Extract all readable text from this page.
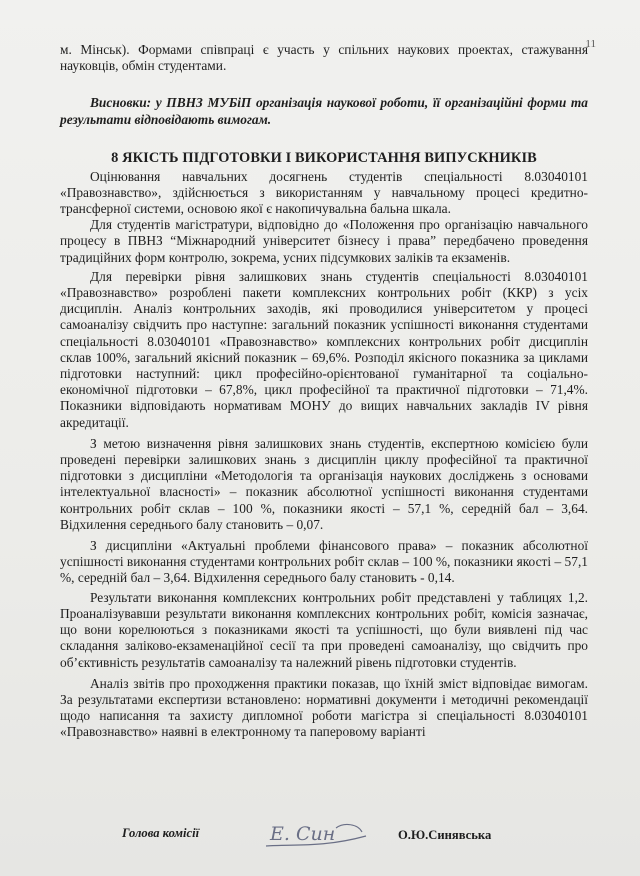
11

м. Мінськ). Формами співпраці є участь у спільних наукових проектах, стажування науковців, обмін студентами.

Висновки: у ПВНЗ МУБіП організація наукової роботи, її організаційні форми та результати відповідають вимогам.

8 ЯКІСТЬ ПІДГОТОВКИ І ВИКОРИСТАННЯ ВИПУСКНИКІВ

Оцінювання навчальних досягнень студентів спеціальності 8.03040101 «Правознавство», здійснюється з використанням у навчальному процесі кредитно-трансферної системи, основою якої є накопичувальна бальна шкала.

Для студентів магістратури, відповідно до «Положення про організацію навчального процесу в ПВНЗ “Міжнародний університет бізнесу і права” передбачено проведення традиційних форм контролю, зокрема, усних підсумкових заліків та екзаменів.

Для перевірки рівня залишкових знань студентів спеціальності 8.03040101 «Правознавство» розроблені пакети комплексних контрольних робіт (ККР) з усіх дисциплін. Аналіз контрольних заходів, які проводилися університетом у процесі самоаналізу свідчить про наступне: загальний показник успішності виконання студентами спеціальності 8.03040101 «Правознавство» комплексних контрольних робіт дисциплін склав 100%, загальний якісний показник – 69,6%. Розподіл якісного показника за циклами підготовки наступний: цикл професійно-орієнтованої гуманітарної та соціально-економічної підготовки – 67,8%, цикл професійної та практичної підготовки – 71,4%. Показники відповідають нормативам МОНУ до вищих навчальних закладів IV рівня акредитації.

З метою визначення рівня залишкових знань студентів, експертною комісією були проведені перевірки залишкових знань з дисциплін циклу професійної та практичної підготовки з дисципліни «Методологія та організація наукових досліджень з основами інтелектуальної власності» – показник абсолютної успішності виконання студентами контрольних робіт склав – 100 %, показники якості – 57,1 %, середній бал – 3,64. Відхилення середнього балу становить – 0,07.

З дисципліни «Актуальні проблеми фінансового права» – показник абсолютної успішності виконання студентами контрольних робіт склав – 100 %, показники якості – 57,1 %, середній бал – 3,64. Відхилення середнього балу становить - 0,14.

Результати виконання комплексних контрольних робіт представлені у таблицях 1,2. Проаналізувавши результати виконання комплексних контрольних робіт, комісія зазначає, що вони корелюються з показниками якості та успішності, що були виявлені під час складання заліково-екзаменаційної сесії та при проведені самоаналізу, що свідчить про об’єктивність результатів самоаналізу та належний рівень підготовки студентів.

Аналіз звітів про проходження практики показав, що їхній зміст відповідає вимогам. За результатами експертизи встановлено: нормативні документи і методичні рекомендації щодо написання та захисту дипломної роботи магістра зі спеціальності 8.03040101 «Правознавство» наявні в електронному та паперовому варіанті

Голова комісії	Е. Син	О.Ю.Синявська
